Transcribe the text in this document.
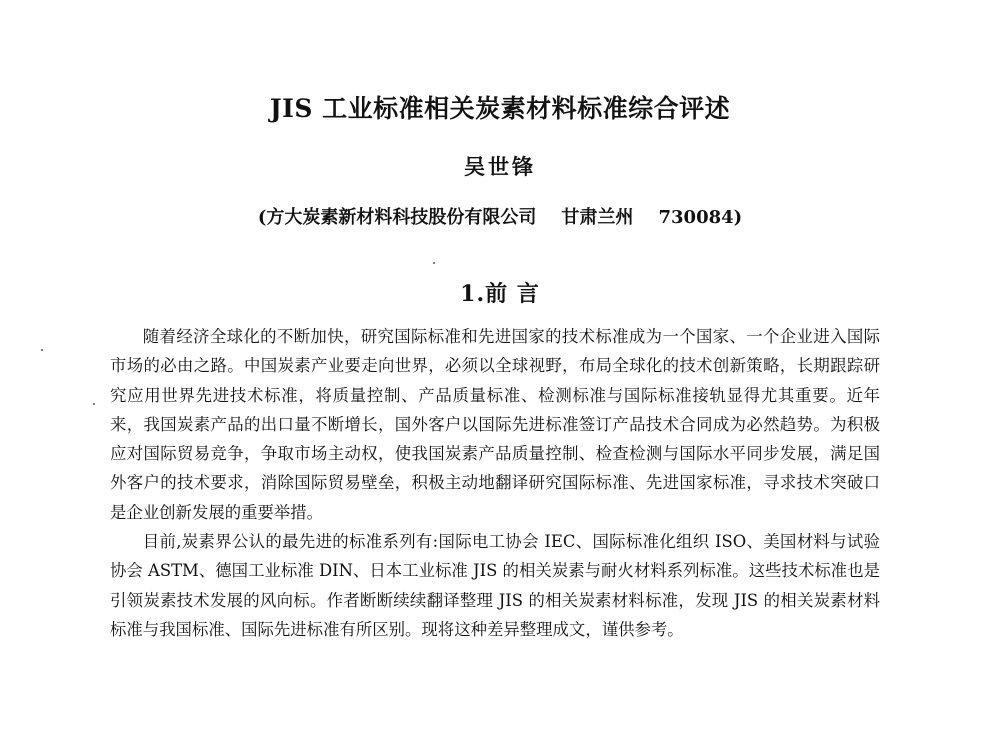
JIS 工业标准相关炭素材料标准综合评述
吴世锋
(方大炭素新材料科技股份有限公司    甘肃兰州    730084)
1.前 言

随着经济全球化的不断加快，研究国际标准和先进国家的技术标准成为一个国家、一个企业进入国际市场的必由之路。中国炭素产业要走向世界，必须以全球视野，布局全球化的技术创新策略，长期跟踪研究应用世界先进技术标准，将质量控制、产品质量标准、检测标准与国际标准接轨显得尤其重要。近年来，我国炭素产品的出口量不断增长，国外客户以国际先进标准签订产品技术合同成为必然趋势。为积极应对国际贸易竞争，争取市场主动权，使我国炭素产品质量控制、检查检测与国际水平同步发展，满足国外客户的技术要求，消除国际贸易壁垒，积极主动地翻译研究国际标准、先进国家标准，寻求技术突破口是企业创新发展的重要举措。

目前,炭素界公认的最先进的标准系列有:国际电工协会 IEC、国际标准化组织 ISO、美国材料与试验协会 ASTM、德国工业标准 DIN、日本工业标准 JIS 的相关炭素与耐火材料系列标准。这些技术标准也是引领炭素技术发展的风向标。作者断断续续翻译整理 JIS 的相关炭素材料标准，发现 JIS 的相关炭素材料标准与我国标准、国际先进标准有所区别。现将这种差异整理成文，谨供参考。
